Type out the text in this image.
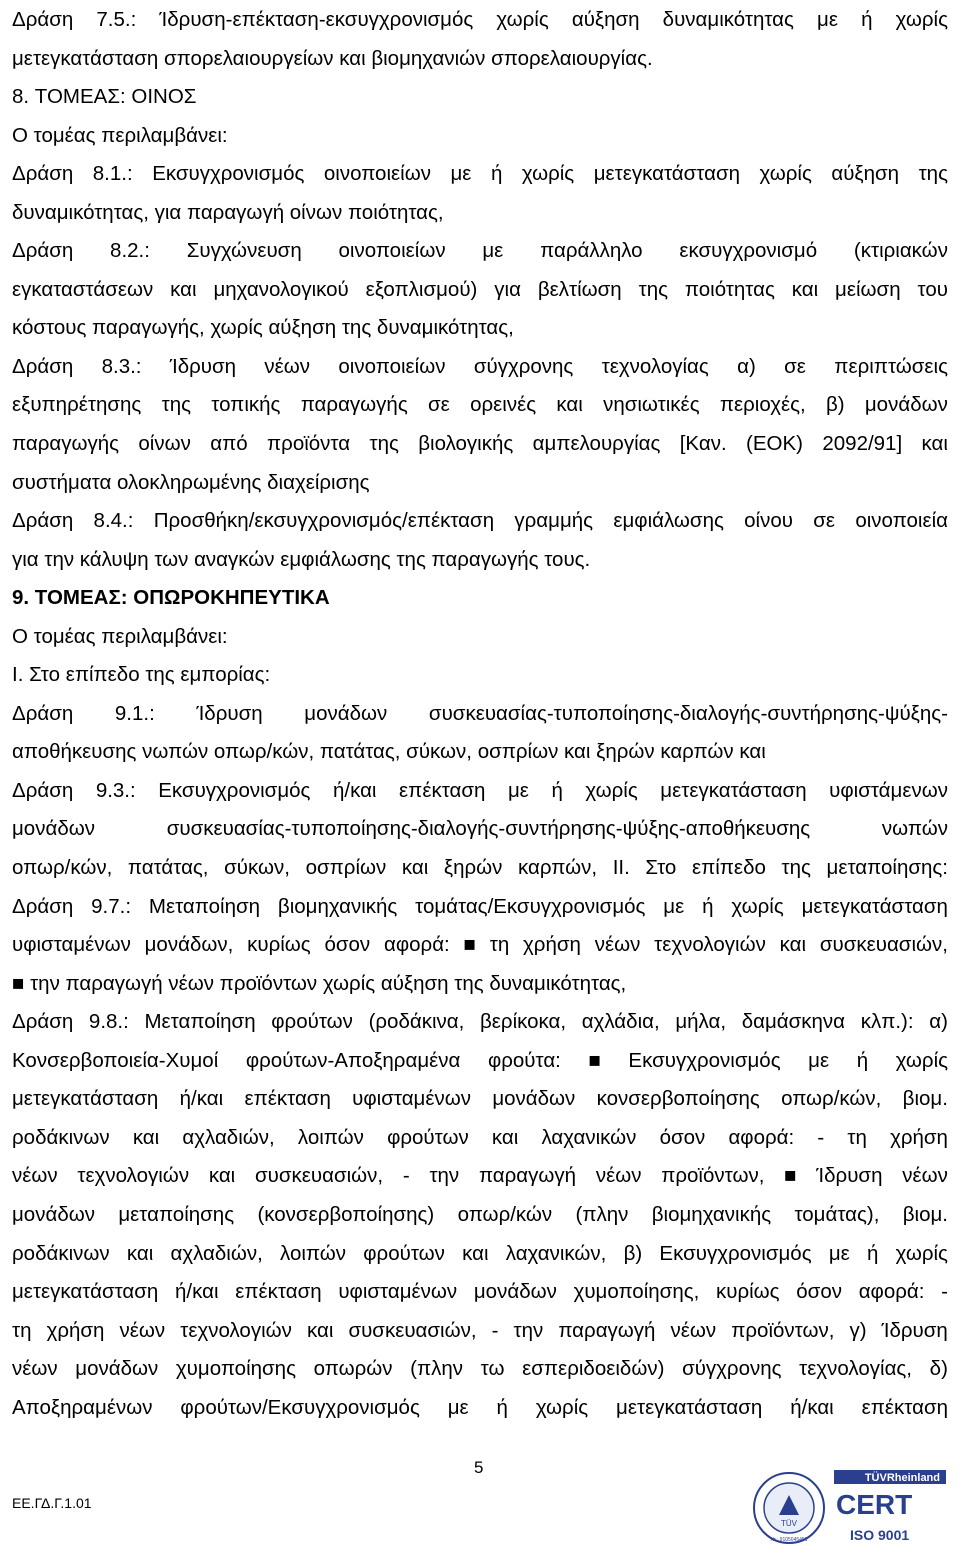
Δράση 7.5.: Ίδρυση-επέκταση-εκσυγχρονισμός χωρίς αύξηση δυναμικότητας με ή χωρίς
μετεγκατάσταση σπορελαιουργείων και βιομηχανιών σπορελαιουργίας.
8. ΤΟΜΕΑΣ: ΟΙΝΟΣ
Ο τομέας περιλαμβάνει:
Δράση 8.1.: Εκσυγχρονισμός οινοποιείων με ή χωρίς μετεγκατάσταση χωρίς αύξηση της
δυναμικότητας, για παραγωγή οίνων ποιότητας,
Δράση 8.2.: Συγχώνευση οινοποιείων με παράλληλο εκσυγχρονισμό (κτιριακών
εγκαταστάσεων και μηχανολογικού εξοπλισμού) για βελτίωση της ποιότητας και μείωση του
κόστους παραγωγής, χωρίς αύξηση της δυναμικότητας,
Δράση 8.3.: Ίδρυση νέων οινοποιείων σύγχρονης τεχνολογίας α) σε περιπτώσεις
εξυπηρέτησης της τοπικής παραγωγής σε ορεινές και νησιωτικές περιοχές, β) μονάδων
παραγωγής οίνων από προϊόντα της βιολογικής αμπελουργίας [Καν. (ΕΟΚ) 2092/91] και
συστήματα ολοκληρωμένης διαχείρισης
Δράση 8.4.: Προσθήκη/εκσυγχρονισμός/επέκταση γραμμής εμφιάλωσης οίνου σε οινοποιεία
για την κάλυψη των αναγκών εμφιάλωσης της παραγωγής τους.
9. ΤΟΜΕΑΣ: ΟΠΩΡΟΚΗΠΕΥΤΙΚΑ
Ο τομέας περιλαμβάνει:
Ι. Στο επίπεδο της εμπορίας:
Δράση 9.1.: Ίδρυση μονάδων συσκευασίας-τυποποίησης-διαλογής-συντήρησης-ψύξης-
αποθήκευσης νωπών οπωρ/κών, πατάτας, σύκων, οσπρίων και ξηρών καρπών και
Δράση 9.3.: Εκσυγχρονισμός ή/και επέκταση με ή χωρίς μετεγκατάσταση υφιστάμενων
μονάδων	συσκευασίας-τυποποίησης-διαλογής-συντήρησης-ψύξης-αποθήκευσης	νωπών
οπωρ/κών, πατάτας, σύκων, οσπρίων και ξηρών καρπών, ΙΙ. Στο επίπεδο της μεταποίησης:
Δράση 9.7.: Μεταποίηση βιομηχανικής τομάτας/Εκσυγχρονισμός με ή χωρίς μετεγκατάσταση
υφισταμένων μονάδων, κυρίως όσον αφορά: ■ τη χρήση νέων τεχνολογιών και συσκευασιών,
■ την παραγωγή νέων προϊόντων χωρίς αύξηση της δυναμικότητας,
Δράση 9.8.: Μεταποίηση φρούτων (ροδάκινα, βερίκοκα, αχλάδια, μήλα, δαμάσκηνα κλπ.): α)
Κονσερβοποιεία-Χυμοί φρούτων-Αποξηραμένα φρούτα: ■ Εκσυγχρονισμός με ή χωρίς
μετεγκατάσταση ή/και επέκταση υφισταμένων μονάδων κονσερβοποίησης οπωρ/κών, βιομ.
ροδάκινων και αχλαδιών, λοιπών φρούτων και λαχανικών όσον αφορά: - τη χρήση
νέων τεχνολογιών και συσκευασιών, - την παραγωγή νέων προϊόντων, ■ Ίδρυση νέων
μονάδων μεταποίησης (κονσερβοποίησης) οπωρ/κών (πλην βιομηχανικής τομάτας), βιομ.
ροδάκινων και αχλαδιών, λοιπών φρούτων και λαχανικών, β) Εκσυγχρονισμός με ή χωρίς
μετεγκατάσταση ή/και επέκταση υφισταμένων μονάδων χυμοποίησης, κυρίως όσον αφορά: -
τη χρήση νέων τεχνολογιών και συσκευασιών, - την παραγωγή νέων προϊόντων, γ) Ίδρυση
νέων μονάδων χυμοποίησης οπωρών (πλην τω εσπεριδοειδών) σύγχρονης τεχνολογίας, δ)
Αποξηραμένων φρούτων/Εκσυγχρονισμός με ή χωρίς μετεγκατάσταση ή/και επέκταση
5
ΕΕ.ΓΔ.Γ.1.01
TÜV
Nr.: 9105045451
TÜVRheinland
CERT
ISO 9001
